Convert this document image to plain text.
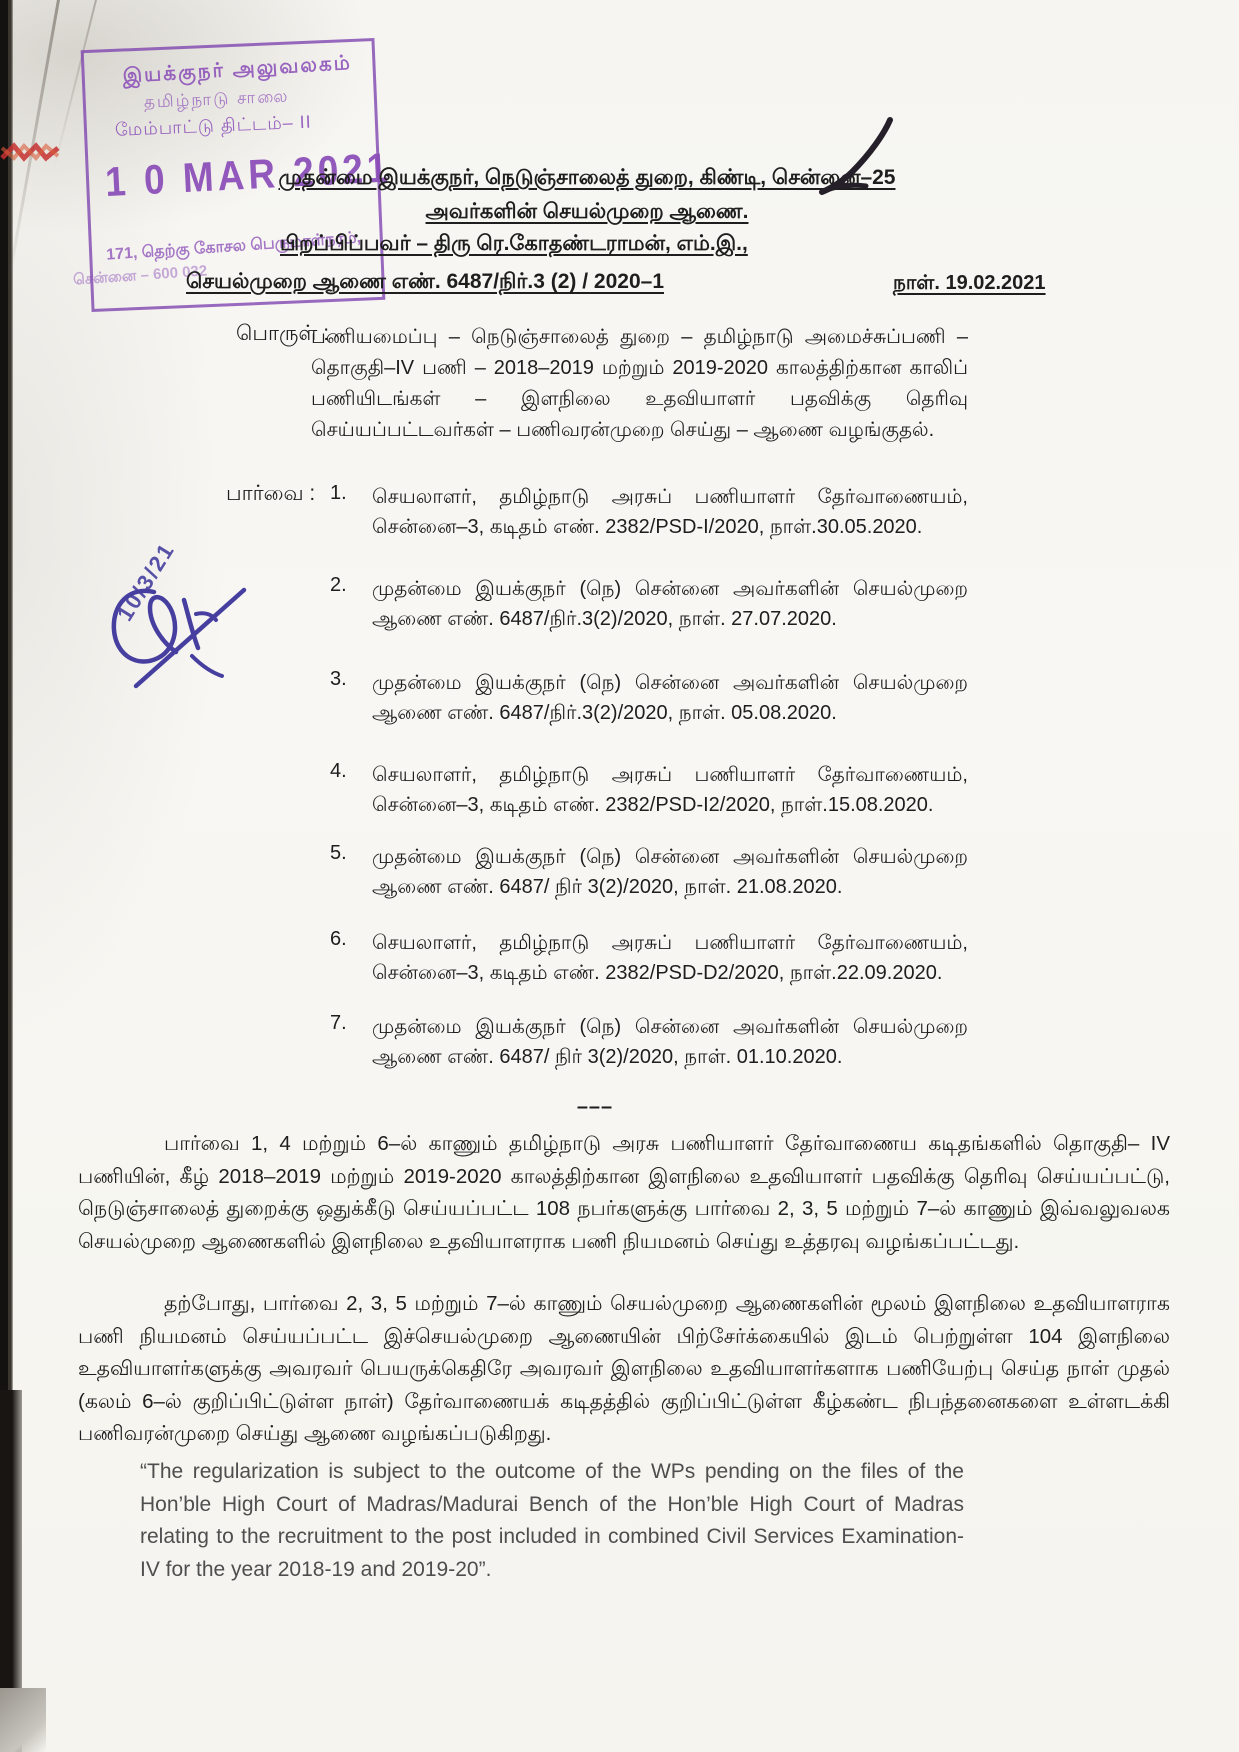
இயக்குநர் அலுவலகம்
தமிழ்நாடு சாலை
மேம்பாட்டு திட்டம்– II
1 0 MAR 2021
171, தெற்கு கோசல பெருமாள்நரம்,
சென்னை – 600 032
முதன்மை இயக்குநர், நெடுஞ்சாலைத் துறை, கிண்டி, சென்னை–25
அவர்களின் செயல்முறை ஆணை.
பிறப்பிப்பவர் – திரு ரெ.கோதண்டராமன், எம்.இ.,
செயல்முறை ஆணை எண். 6487/நிர்.3 (2) / 2020–1	நாள். 19.02.2021
பொருள் :
பணியமைப்பு – நெடுஞ்சாலைத் துறை – தமிழ்நாடு அமைச்சுப்பணி – தொகுதி–IV பணி – 2018–2019 மற்றும் 2019-2020 காலத்திற்கான காலிப் பணியிடங்கள் – இளநிலை உதவியாளர் பதவிக்கு தெரிவு செய்யப்பட்டவர்கள் – பணிவரன்முறை செய்து – ஆணை வழங்குதல்.
பார்வை : 1.	செயலாளர், தமிழ்நாடு அரசுப் பணியாளர் தேர்வாணையம், சென்னை–3, கடிதம் எண். 2382/PSD-I/2020, நாள்.30.05.2020.
2.	முதன்மை இயக்குநர் (நெ) சென்னை அவர்களின் செயல்முறை ஆணை எண். 6487/நிர்.3(2)/2020, நாள். 27.07.2020.
3.	முதன்மை இயக்குநர் (நெ) சென்னை அவர்களின் செயல்முறை ஆணை எண். 6487/நிர்.3(2)/2020, நாள். 05.08.2020.
4.	செயலாளர், தமிழ்நாடு அரசுப் பணியாளர் தேர்வாணையம், சென்னை–3, கடிதம் எண். 2382/PSD-I2/2020, நாள்.15.08.2020.
5.	முதன்மை இயக்குநர் (நெ) சென்னை அவர்களின் செயல்முறை ஆணை எண். 6487/ நிர் 3(2)/2020, நாள். 21.08.2020.
6.	செயலாளர், தமிழ்நாடு அரசுப் பணியாளர் தேர்வாணையம், சென்னை–3, கடிதம் எண். 2382/PSD-D2/2020, நாள்.22.09.2020.
7.	முதன்மை இயக்குநர் (நெ) சென்னை அவர்களின் செயல்முறை ஆணை எண். 6487/ நிர் 3(2)/2020, நாள். 01.10.2020.
–––
பார்வை 1, 4 மற்றும் 6–ல் காணும் தமிழ்நாடு அரசு பணியாளர் தேர்வாணைய கடிதங்களில் தொகுதி– IV பணியின், கீழ் 2018–2019 மற்றும் 2019-2020 காலத்திற்கான இளநிலை உதவியாளர் பதவிக்கு தெரிவு செய்யப்பட்டு, நெடுஞ்சாலைத் துறைக்கு ஒதுக்கீடு செய்யப்பட்ட 108 நபர்களுக்கு பார்வை 2, 3, 5 மற்றும் 7–ல் காணும் இவ்வலுவலக செயல்முறை ஆணைகளில் இளநிலை உதவியாளராக பணி நியமனம் செய்து உத்தரவு வழங்கப்பட்டது.
தற்போது, பார்வை 2, 3, 5 மற்றும் 7–ல் காணும் செயல்முறை ஆணைகளின் மூலம் இளநிலை உதவியாளராக பணி நியமனம் செய்யப்பட்ட இச்செயல்முறை ஆணையின் பிற்சேர்க்கையில் இடம் பெற்றுள்ள 104 இளநிலை உதவியாளர்களுக்கு அவரவர் பெயருக்கெதிரே அவரவர் இளநிலை உதவியாளர்களாக பணியேற்பு செய்த நாள் முதல் (கலம் 6–ல் குறிப்பிட்டுள்ள நாள்) தேர்வாணையக் கடிதத்தில் குறிப்பிட்டுள்ள கீழ்கண்ட நிபந்தனைகளை உள்ளடக்கி பணிவரன்முறை செய்து ஆணை வழங்கப்படுகிறது.
“The regularization is subject to the outcome of the WPs pending on the files of the Hon’ble High Court of Madras/Madurai Bench of the Hon’ble High Court of Madras relating to the recruitment to the post included in combined Civil Services Examination-IV for the year 2018-19 and 2019-20”.
10/3/21
